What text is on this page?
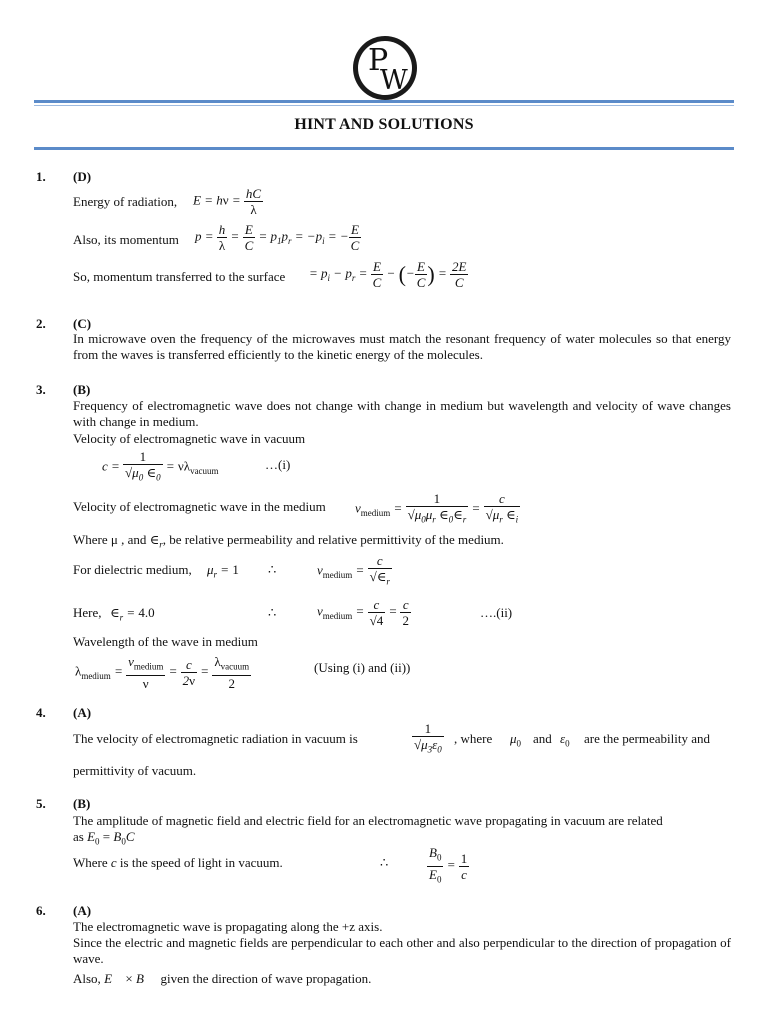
P
W
HINT AND SOLUTIONS
1. (D)
Energy of radiation, $E = h\nu = \frac{hC}{\lambda}$
Also, its momentum $p = \frac{h}{\lambda} = \frac{E}{C} = p_1p_r = -p_i$ = − $\frac{E}{C}$
So, momentum transferred to the surface = $p_i - p_r = \frac{E}{C}$ − (− $\frac{E}{C}$ ) = $\frac{2E}{C}$
2. (C)
In microwave oven the frequency of the microwaves must match the resonant frequency of water molecules so that energy from the waves is transferred efficiently to the kinetic energy of the molecules.
3. (B)
Frequency of electromagnetic wave does not change with change in medium but wavelength and velocity of wave changes with change in medium.
Velocity of electromagnetic wave in vacuum
$c = \frac{1}{√\mu_0 \in_0} = \nu\lambda_{vacuum}$	…(i)
Velocity of electromagnetic wave in the medium $v_{medium} = \frac{1}{√\mu_0\mu_r \in_0\in_r} = \frac{c}{√\mu_r \in_i}$
Where μ , and $\in_r$, be relative permeability and relative permittivity of the medium.
For dielectric medium, $\mu_r = 1$ ∴	$v_{medium} = \frac{c}{√\in_r}$
Here, $\in_r = 4.0$	∴	$v_{medium} = \frac{c}{√4} = \frac{c}{2}$	….(ii)
Wavelength of the wave in medium
$\lambda_{medium} = \frac{v_{medium}}{\nu} = \frac{c}{2\nu} = \frac{\lambda_{vacuum}}{2}$	(Using (i) and (ii))
4. (A)
The velocity of electromagnetic radiation in vacuum is	$\frac{1}{√\mu_3\varepsilon_0}$ , where $\mu_0$ and $\varepsilon_0$ are the permeability and
permittivity of vacuum.
5. (B)
The amplitude of magnetic field and electric field for an electromagnetic wave propagating in vacuum are related
as $E_0 = B_0C$
Where c is the speed of light in vacuum.	∴	$\frac{B_0}{E_0} = \frac{1}{c}$
6. (A)
The electromagnetic wave is propagating along the +z axis.
Since the electric and magnetic fields are perpendicular to each other and also perpendicular to the direction of propagation of wave.
Also, E⃗ × B⃗ given the direction of wave propagation.
